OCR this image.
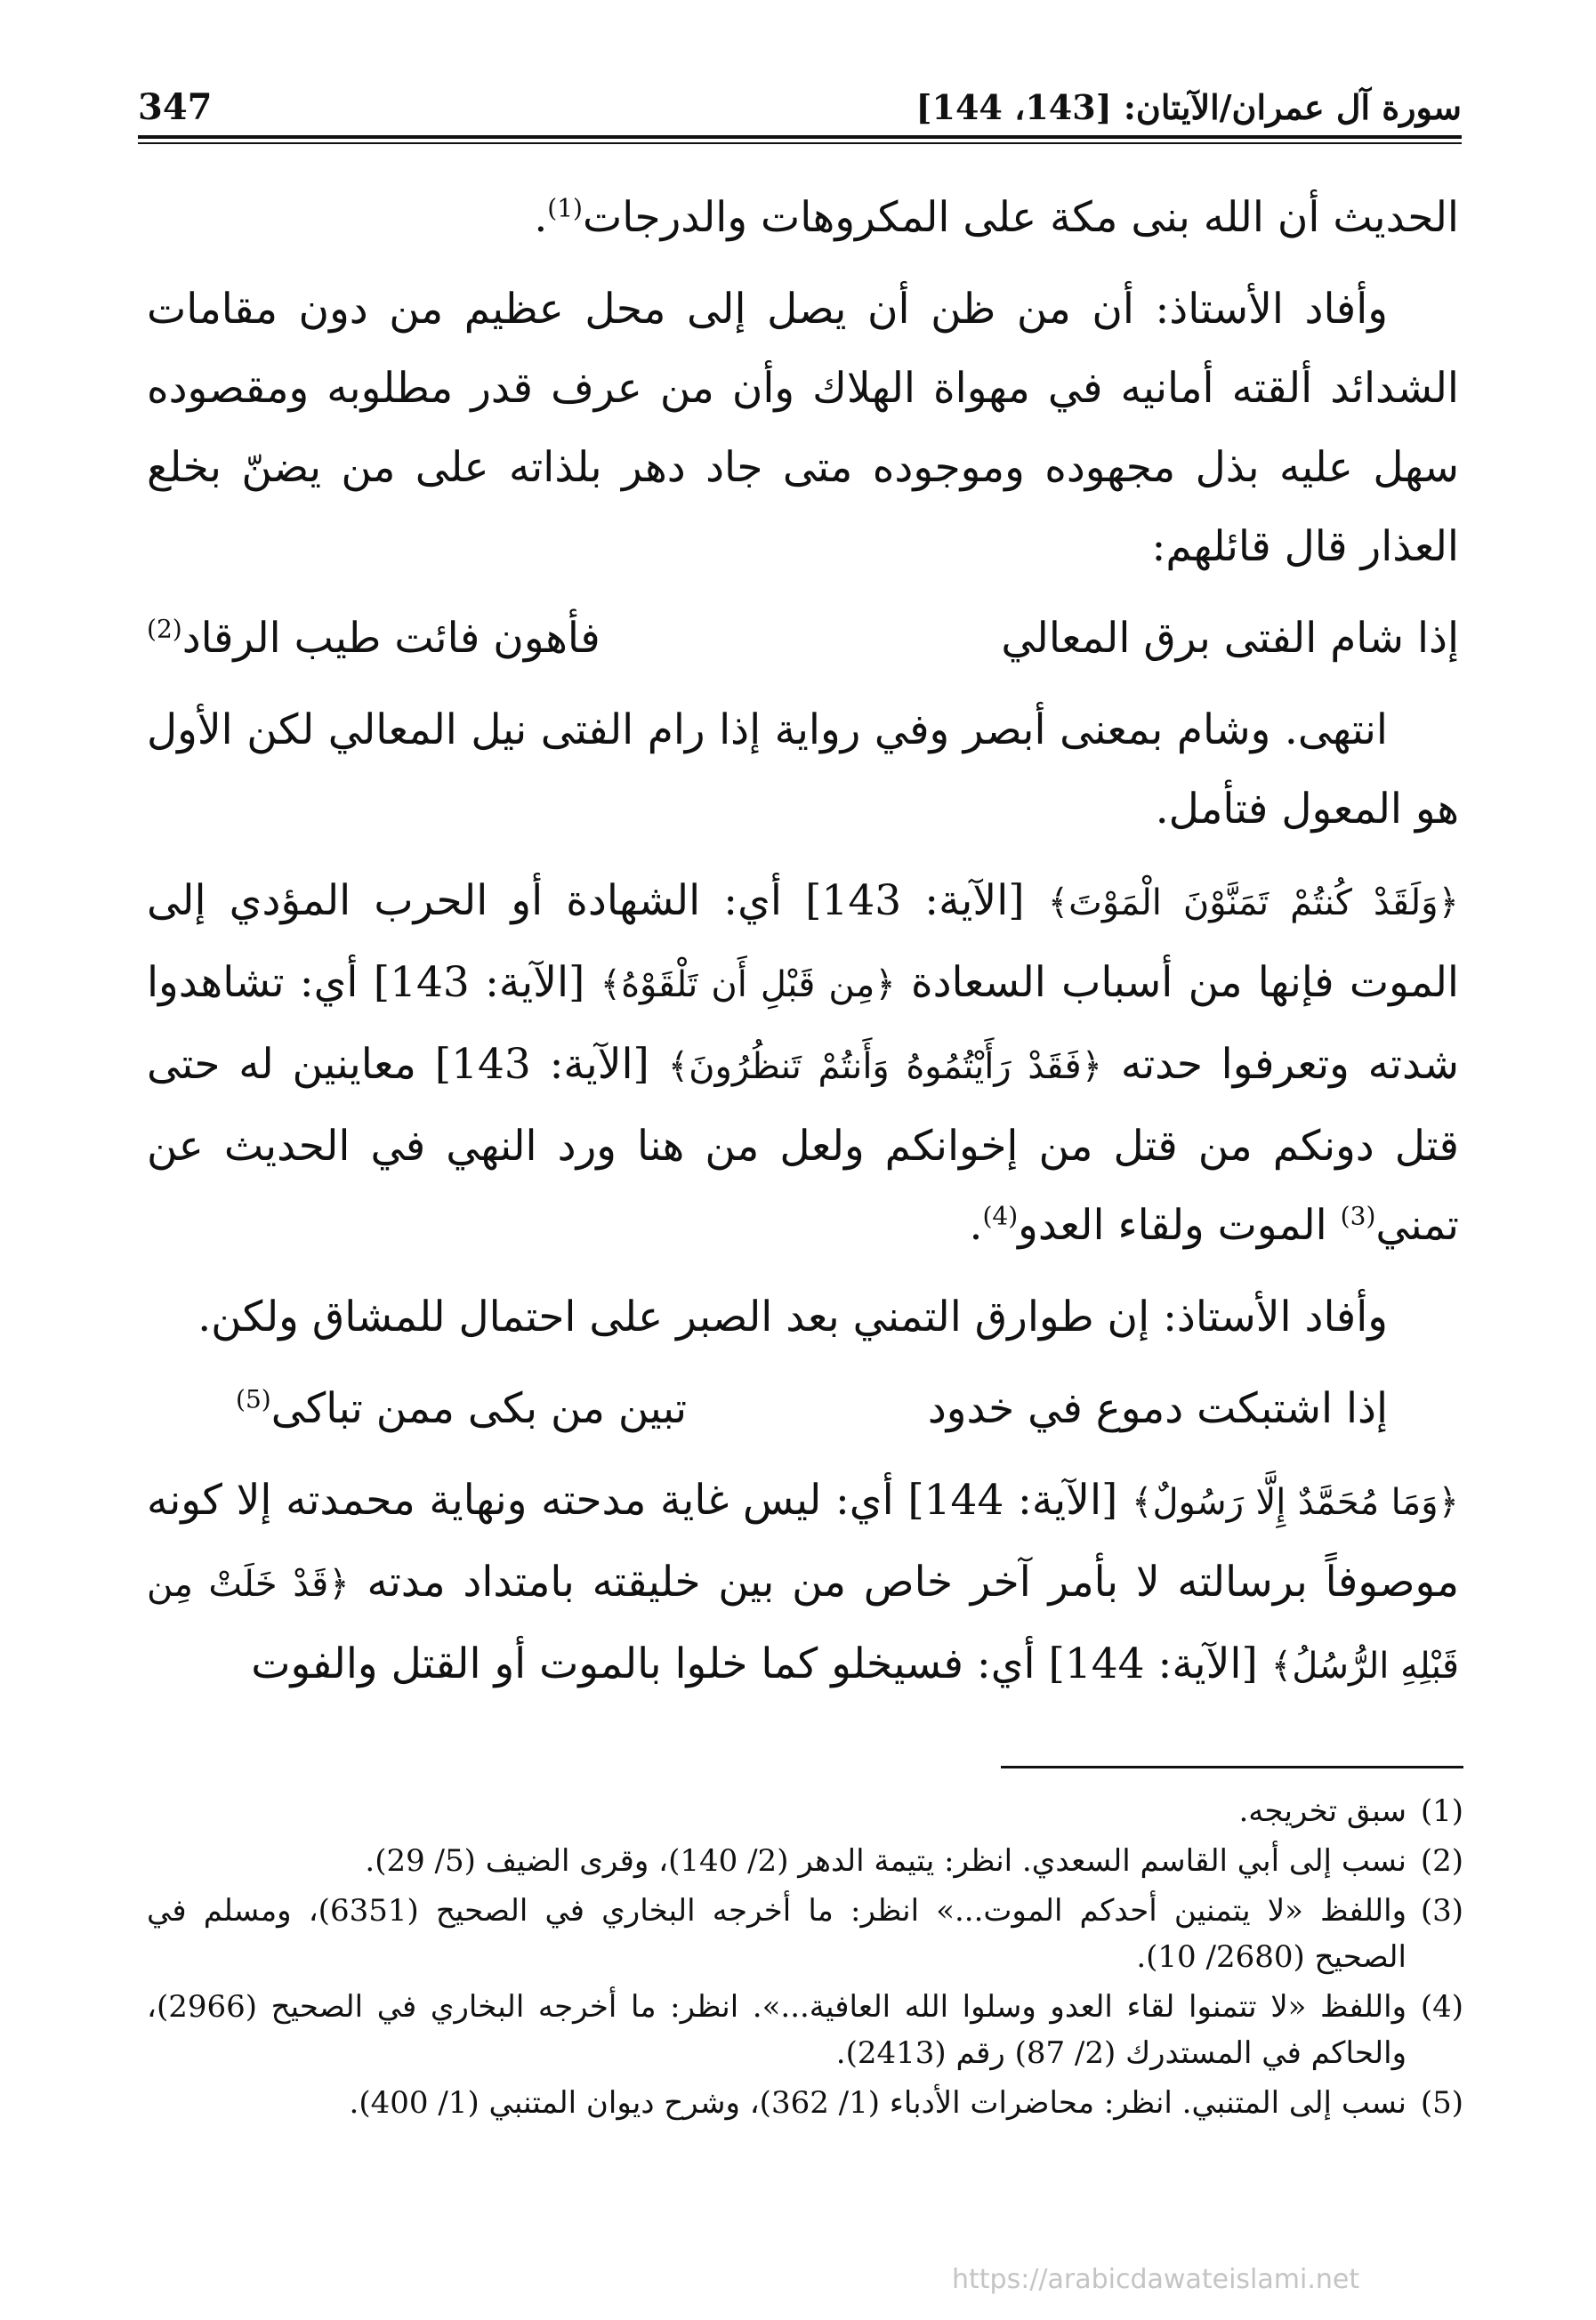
347	سورة آل عمران/الآيتان: [143، 144]

الحديث أن الله بنى مكة على المكروهات والدرجات$^{(1)}$.

وأفاد الأستاذ: أن من ظن أن يصل إلى محل عظيم من دون مقامات الشدائد ألقته أمانيه في مهواة الهلاك وأن من عرف قدر مطلوبه ومقصوده سهل عليه بذل مجهوده وموجوده متى جاد دهر بلذاته على من يضنّ بخلع العذار قال قائلهم:

إذا شام الفتى برق المعالي
فأهون فائت طيب الرقاد$^{(2)}$

انتهى. وشام بمعنى أبصر وفي رواية إذا رام الفتى نيل المعالي لكن الأول هو المعول فتأمل.

﴿وَلَقَدْ كُنتُمْ تَمَنَّوْنَ الْمَوْتَ﴾ [الآية: 143] أي: الشهادة أو الحرب المؤدي إلى الموت فإنها من أسباب السعادة ﴿مِن قَبْلِ أَن تَلْقَوْهُ﴾ [الآية: 143] أي: تشاهدوا شدته وتعرفوا حدته ﴿فَقَدْ رَأَيْتُمُوهُ وَأَنتُمْ تَنظُرُونَ﴾ [الآية: 143] معاينين له حتى قتل دونكم من قتل من إخوانكم ولعل من هنا ورد النهي في الحديث عن تمني$^{(3)}$ الموت ولقاء العدو$^{(4)}$.

وأفاد الأستاذ: إن طوارق التمني بعد الصبر على احتمال للمشاق ولكن.

إذا اشتبكت دموع في خدود
تبين من بكى ممن تباكى$^{(5)}$

﴿وَمَا مُحَمَّدٌ إِلَّا رَسُولٌ﴾ [الآية: 144] أي: ليس غاية مدحته ونهاية محمدته إلا كونه موصوفاً برسالته لا بأمر آخر خاص من بين خليقته بامتداد مدته ﴿قَدْ خَلَتْ مِن قَبْلِهِ الرُّسُلُ﴾ [الآية: 144] أي: فسيخلو كما خلوا بالموت أو القتل والفوت

(1)
سبق تخريجه.
(2)
نسب إلى أبي القاسم السعدي. انظر: يتيمة الدهر (2/ 140)، وقرى الضيف (5/ 29).
(3)
واللفظ «لا يتمنين أحدكم الموت...» انظر: ما أخرجه البخاري في الصحيح (6351)، ومسلم في الصحيح (2680/ 10).
(4)
واللفظ «لا تتمنوا لقاء العدو وسلوا الله العافية...». انظر: ما أخرجه البخاري في الصحيح (2966)، والحاكم في المستدرك (2/ 87) رقم (2413).
(5)
نسب إلى المتنبي. انظر: محاضرات الأدباء (1/ 362)، وشرح ديوان المتنبي (1/ 400).
https://arabicdawateislami.net
